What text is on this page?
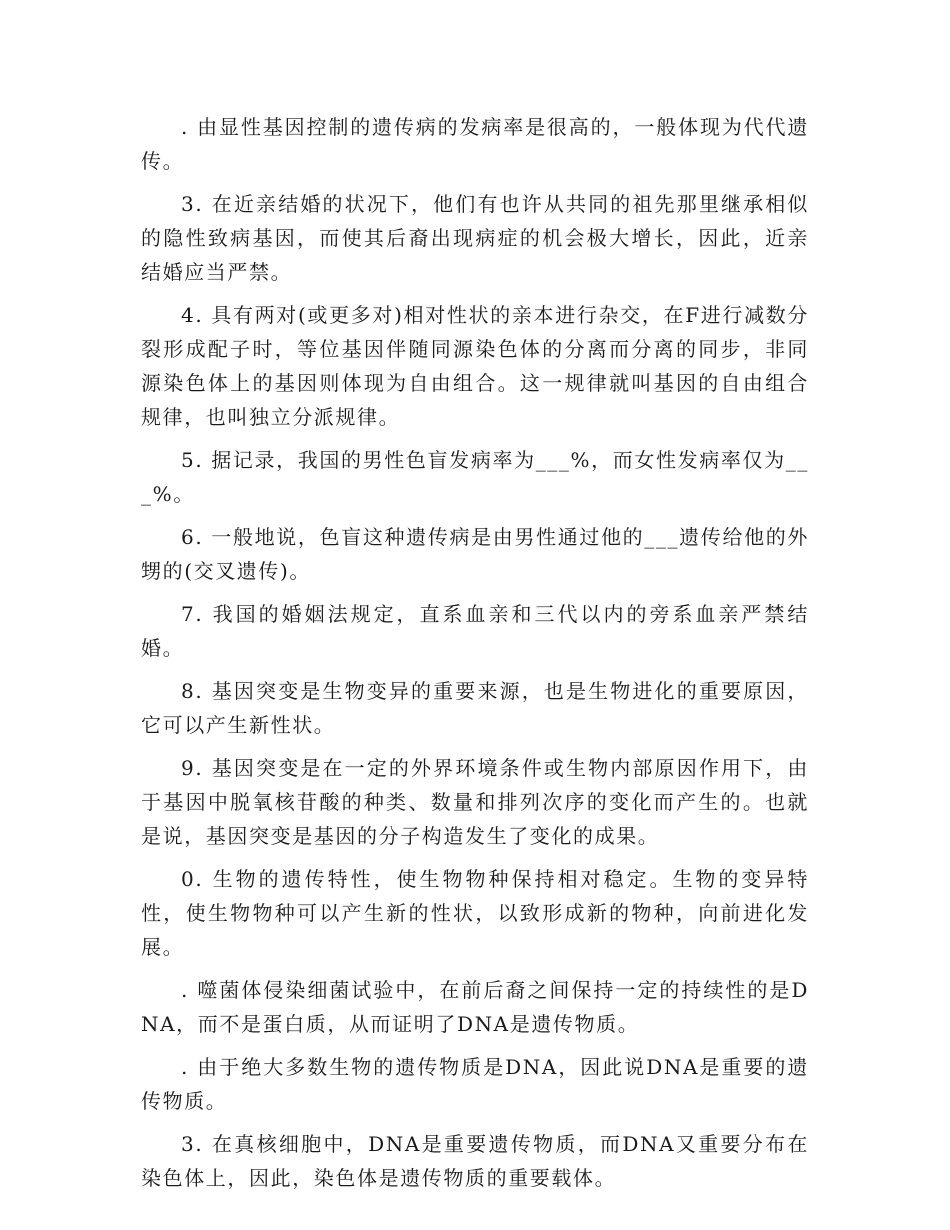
. 由显性基因控制的遗传病的发病率是很高的，一般体现为代代遗传。

3. 在近亲结婚的状况下，他们有也许从共同的祖先那里继承相似的隐性致病基因，而使其后裔出现病症的机会极大增长，因此，近亲结婚应当严禁。

4. 具有两对(或更多对)相对性状的亲本进行杂交，在F进行减数分裂形成配子时，等位基因伴随同源染色体的分离而分离的同步，非同源染色体上的基因则体现为自由组合。这一规律就叫基因的自由组合规律，也叫独立分派规律。

5. 据记录，我国的男性色盲发病率为___%，而女性发病率仅为___%。

6. 一般地说，色盲这种遗传病是由男性通过他的___遗传给他的外甥的(交叉遗传)。

7. 我国的婚姻法规定，直系血亲和三代以内的旁系血亲严禁结婚。

8. 基因突变是生物变异的重要来源，也是生物进化的重要原因，它可以产生新性状。

9. 基因突变是在一定的外界环境条件或生物内部原因作用下，由于基因中脱氧核苷酸的种类、数量和排列次序的变化而产生的。也就是说，基因突变是基因的分子构造发生了变化的成果。

0. 生物的遗传特性，使生物物种保持相对稳定。生物的变异特性，使生物物种可以产生新的性状，以致形成新的物种，向前进化发展。

. 噬菌体侵染细菌试验中，在前后裔之间保持一定的持续性的是DNA，而不是蛋白质，从而证明了DNA是遗传物质。

. 由于绝大多数生物的遗传物质是DNA，因此说DNA是重要的遗传物质。

3. 在真核细胞中，DNA是重要遗传物质，而DNA又重要分布在染色体上，因此，染色体是遗传物质的重要载体。
